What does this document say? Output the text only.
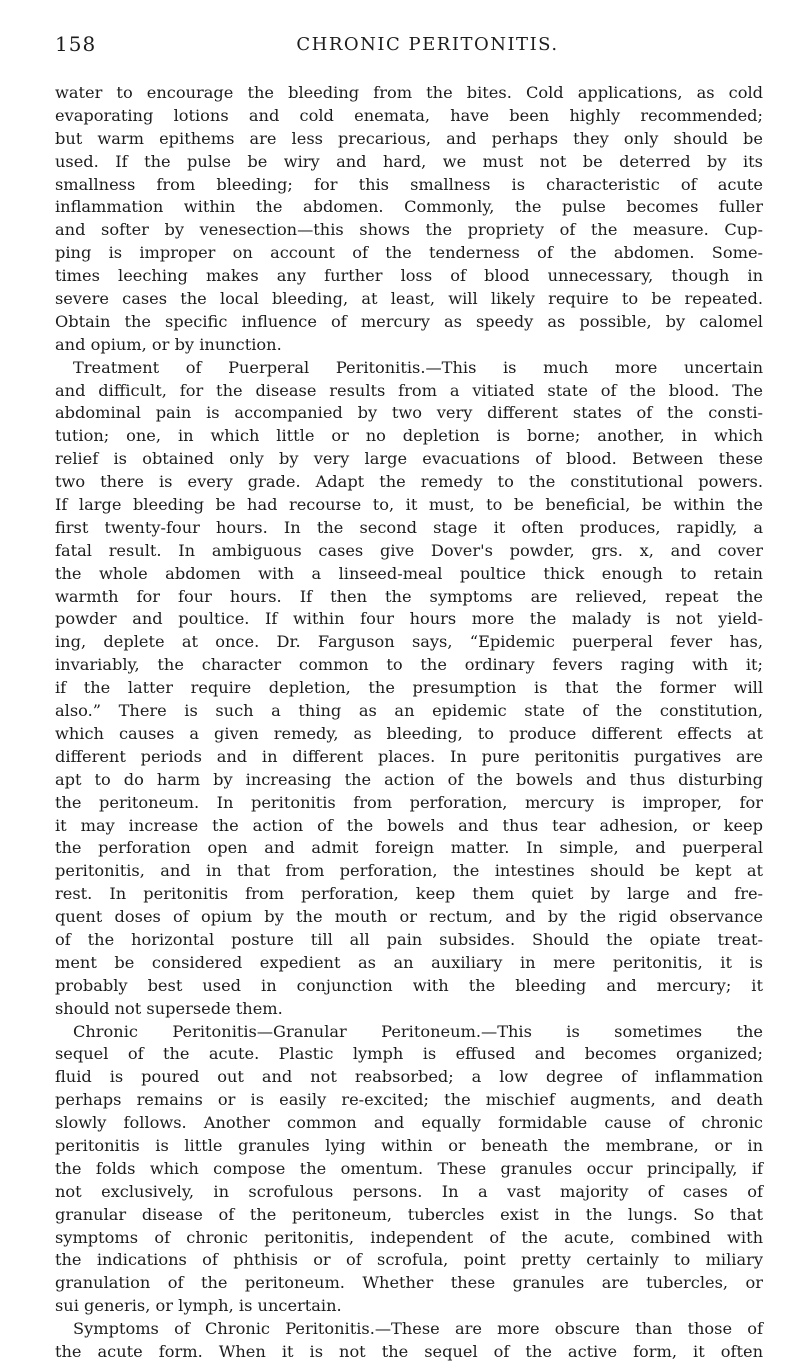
158	CHRONIC PERITONITIS.
water to encourage the bleeding from the bites. Cold applications, as cold
evaporating lotions and cold enemata, have been highly recommended;
but warm epithems are less precarious, and perhaps they only should be
used. If the pulse be wiry and hard, we must not be deterred by its
smallness from bleeding; for this smallness is characteristic of acute
inflammation within the abdomen. Commonly, the pulse becomes fuller
and softer by venesection—this shows the propriety of the measure. Cup-
ping is improper on account of the tenderness of the abdomen. Some-
times leeching makes any further loss of blood unnecessary, though in
severe cases the local bleeding, at least, will likely require to be repeated.
Obtain the specific influence of mercury as speedy as possible, by calomel
and opium, or by inunction.
Treatment of Puerperal Peritonitis.—This is much more uncertain
and difficult, for the disease results from a vitiated state of the blood. The
abdominal pain is accompanied by two very different states of the consti-
tution; one, in which little or no depletion is borne; another, in which
relief is obtained only by very large evacuations of blood. Between these
two there is every grade. Adapt the remedy to the constitutional powers.
If large bleeding be had recourse to, it must, to be beneficial, be within the
first twenty-four hours. In the second stage it often produces, rapidly, a
fatal result. In ambiguous cases give Dover's powder, grs. x, and cover
the whole abdomen with a linseed-meal poultice thick enough to retain
warmth for four hours. If then the symptoms are relieved, repeat the
powder and poultice. If within four hours more the malady is not yield-
ing, deplete at once. Dr. Farguson says, “Epidemic puerperal fever has,
invariably, the character common to the ordinary fevers raging with it;
if the latter require depletion, the presumption is that the former will
also.” There is such a thing as an epidemic state of the constitution,
which causes a given remedy, as bleeding, to produce different effects at
different periods and in different places. In pure peritonitis purgatives are
apt to do harm by increasing the action of the bowels and thus disturbing
the peritoneum. In peritonitis from perforation, mercury is improper, for
it may increase the action of the bowels and thus tear adhesion, or keep
the perforation open and admit foreign matter. In simple, and puerperal
peritonitis, and in that from perforation, the intestines should be kept at
rest. In peritonitis from perforation, keep them quiet by large and fre-
quent doses of opium by the mouth or rectum, and by the rigid observance
of the horizontal posture till all pain subsides. Should the opiate treat-
ment be considered expedient as an auxiliary in mere peritonitis, it is
probably best used in conjunction with the bleeding and mercury; it
should not supersede them.
Chronic Peritonitis—Granular Peritoneum.—This is sometimes the
sequel of the acute. Plastic lymph is effused and becomes organized;
fluid is poured out and not reabsorbed; a low degree of inflammation
perhaps remains or is easily re-excited; the mischief augments, and death
slowly follows. Another common and equally formidable cause of chronic
peritonitis is little granules lying within or beneath the membrane, or in
the folds which compose the omentum. These granules occur principally, if
not exclusively, in scrofulous persons. In a vast majority of cases of
granular disease of the peritoneum, tubercles exist in the lungs. So that
symptoms of chronic peritonitis, independent of the acute, combined with
the indications of phthisis or of scrofula, point pretty certainly to miliary
granulation of the peritoneum. Whether these granules are tubercles, or
sui generis, or lymph, is uncertain.
Symptoms of Chronic Peritonitis.—These are more obscure than those of
the acute form. When it is not the sequel of the active form, it often
